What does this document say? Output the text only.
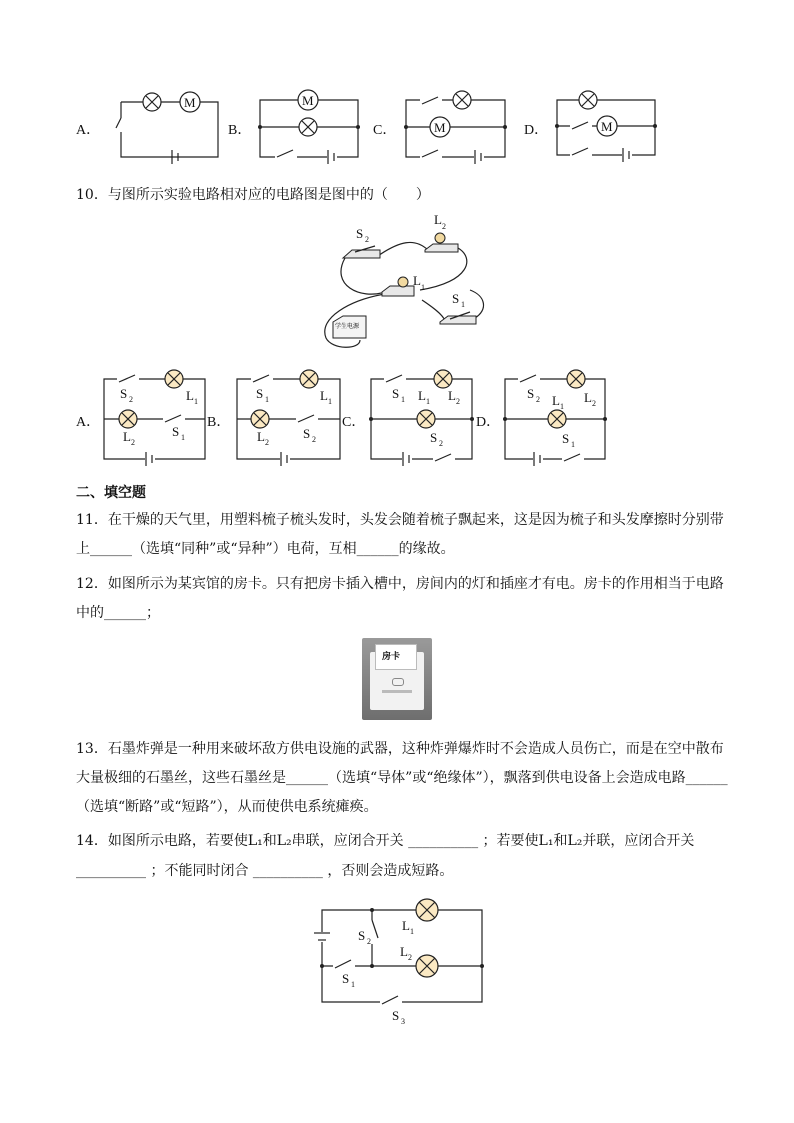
A．
M
B．
M
C．	M	D．	M
10．与图所示实验电路相对应的电路图是图中的（　　）
S 2
L 2
L 1
S 1
学生电源
A．
S 2	L 1
L 2
S 1
B．
S 1	L 1
L 2
S 2
C．
S 1 L 1 L 2
S 2
D．
S 2 L 1
L 2
S 1
二、填空题
11．在干燥的天气里，用塑料梳子梳头发时，头发会随着梳子飘起来，这是因为梳子和头发摩擦时分别带
上______（选填“同种”或“异种”）电荷，互相______的缘故。
12．如图所示为某宾馆的房卡。只有把房卡插入槽中，房间内的灯和插座才有电。房卡的作用相当于电路
中的______；
房卡
13．石墨炸弹是一种用来破坏敌方供电设施的武器，这种炸弹爆炸时不会造成人员伤亡，而是在空中散布
大量极细的石墨丝，这些石墨丝是______（选填“导体”或“绝缘体”），飘落到供电设备上会造成电路______
（选填“断路”或“短路”），从而使供电系统瘫痪。
14．如图所示电路，若要使L₁和L₂串联，应闭合开关 __________ ；若要使L₁和L₂并联，应闭合开关
__________ ；不能同时闭合 __________ ，否则会造成短路。
S 2
L 1
L 2
S 1
S 3
